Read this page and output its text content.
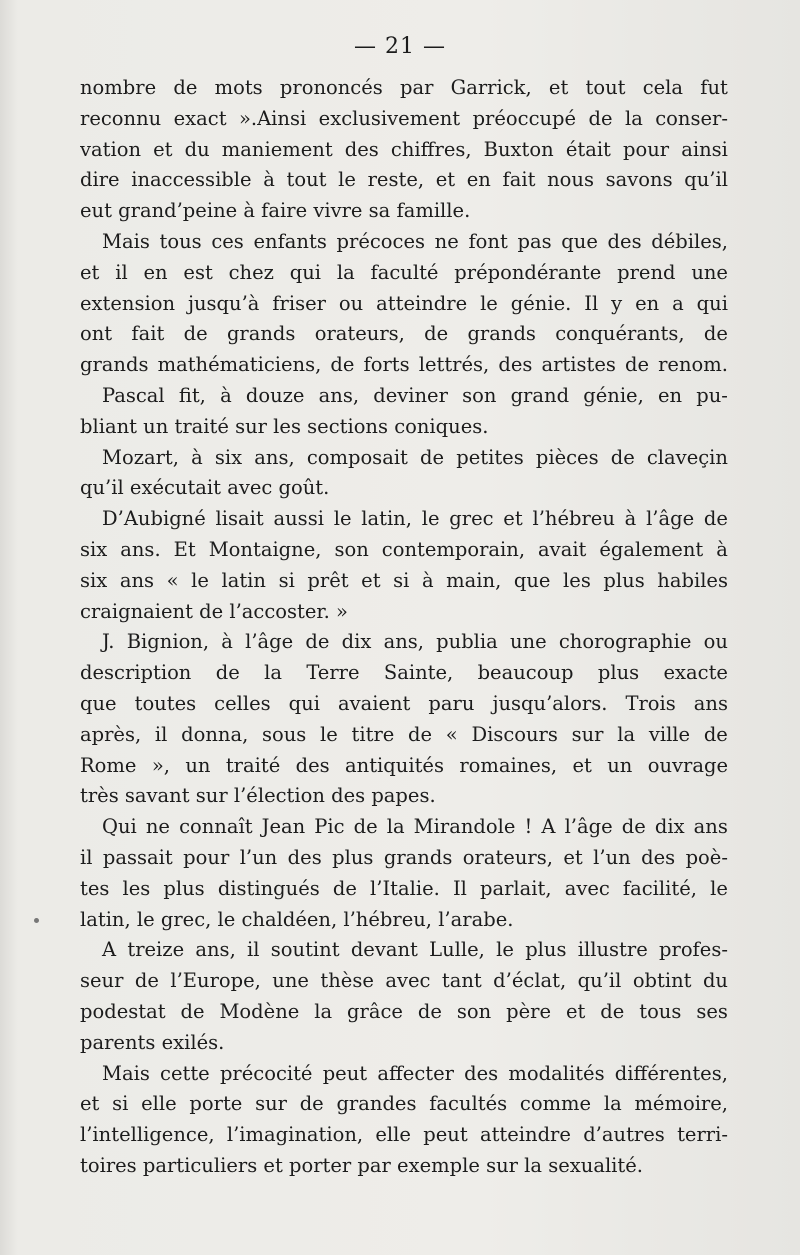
— 21 —
nombre de mots prononcés par Garrick, et tout cela fut
reconnu exact ».Ainsi exclusivement préoccupé de la conser-
vation et du maniement des chiffres, Buxton était pour ainsi
dire inaccessible à tout le reste, et en fait nous savons qu’il
eut grand’peine à faire vivre sa famille.
Mais tous ces enfants précoces ne font pas que des débiles,
et il en est chez qui la faculté prépondérante prend une
extension jusqu’à friser ou atteindre le génie. Il y en a qui
ont fait de grands orateurs, de grands conquérants, de
grands mathématiciens, de forts lettrés, des artistes de renom.
Pascal fit, à douze ans, deviner son grand génie, en pu-
bliant un traité sur les sections coniques.
Mozart, à six ans, composait de petites pièces de claveçin
qu’il exécutait avec goût.
D’Aubigné lisait aussi le latin, le grec et l’hébreu à l’âge de
six ans. Et Montaigne, son contemporain, avait également à
six ans « le latin si prêt et si à main, que les plus habiles
craignaient de l’accoster. »
J. Bignion, à l’âge de dix ans, publia une chorographie ou
description de la Terre Sainte, beaucoup plus exacte
que toutes celles qui avaient paru jusqu’alors. Trois ans
après, il donna, sous le titre de « Discours sur la ville de
Rome », un traité des antiquités romaines, et un ouvrage
très savant sur l’élection des papes.
Qui ne connaît Jean Pic de la Mirandole ! A l’âge de dix ans
il passait pour l’un des plus grands orateurs, et l’un des poè-
tes les plus distingués de l’Italie. Il parlait, avec facilité, le
latin, le grec, le chaldéen, l’hébreu, l’arabe.
A treize ans, il soutint devant Lulle, le plus illustre profes-
seur de l’Europe, une thèse avec tant d’éclat, qu’il obtint du
podestat de Modène la grâce de son père et de tous ses
parents exilés.
Mais cette précocité peut affecter des modalités différentes,
et si elle porte sur de grandes facultés comme la mémoire,
l’intelligence, l’imagination, elle peut atteindre d’autres terri-
toires particuliers et porter par exemple sur la sexualité.
